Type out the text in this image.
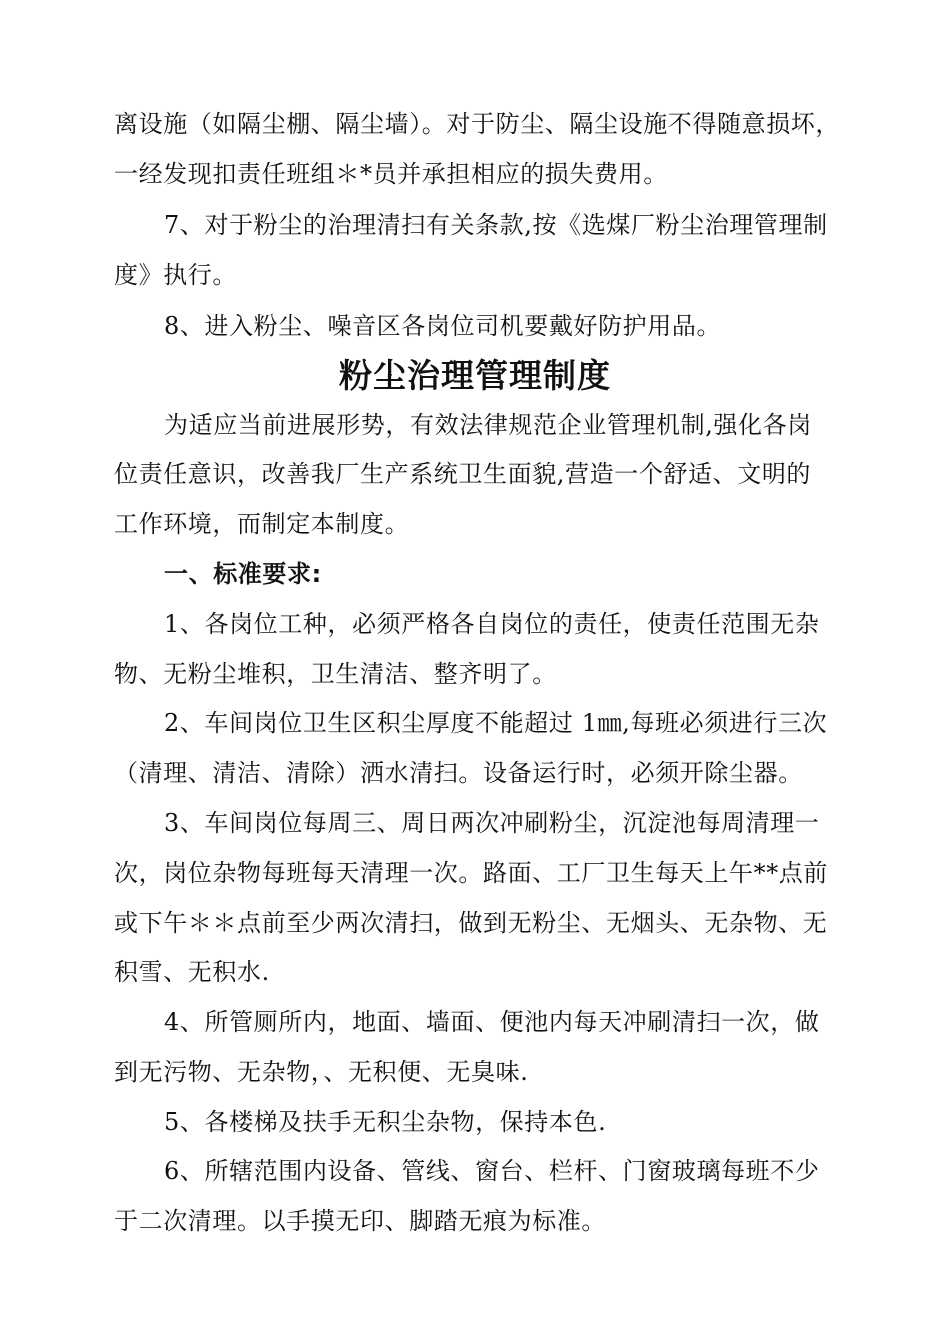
离设施（如隔尘棚、隔尘墙）。对于防尘、隔尘设施不得随意损坏，
一经发现扣责任班组＊*员并承担相应的损失费用。
7、对于粉尘的治理清扫有关条款,按《选煤厂粉尘治理管理制
度》执行。
8、进入粉尘、噪音区各岗位司机要戴好防护用品。
粉尘治理管理制度
为适应当前进展形势，有效法律规范企业管理机制,强化各岗
位责任意识，改善我厂生产系统卫生面貌,营造一个舒适、文明的
工作环境，而制定本制度。
一、标准要求:
1、各岗位工种，必须严格各自岗位的责任，使责任范围无杂
物、无粉尘堆积，卫生清洁、整齐明了。
2、车间岗位卫生区积尘厚度不能超过 1㎜,每班必须进行三次
（清理、清洁、清除）洒水清扫。设备运行时，必须开除尘器。
3、车间岗位每周三、周日两次冲刷粉尘，沉淀池每周清理一
次，岗位杂物每班每天清理一次。路面、工厂卫生每天上午**点前
或下午＊＊点前至少两次清扫，做到无粉尘、无烟头、无杂物、无
积雪、无积水.
4、所管厕所内，地面、墙面、便池内每天冲刷清扫一次，做
到无污物、无杂物，、无积便、无臭味.
5、各楼梯及扶手无积尘杂物，保持本色.
6、所辖范围内设备、管线、窗台、栏杆、门窗玻璃每班不少
于二次清理。以手摸无印、脚踏无痕为标准。
